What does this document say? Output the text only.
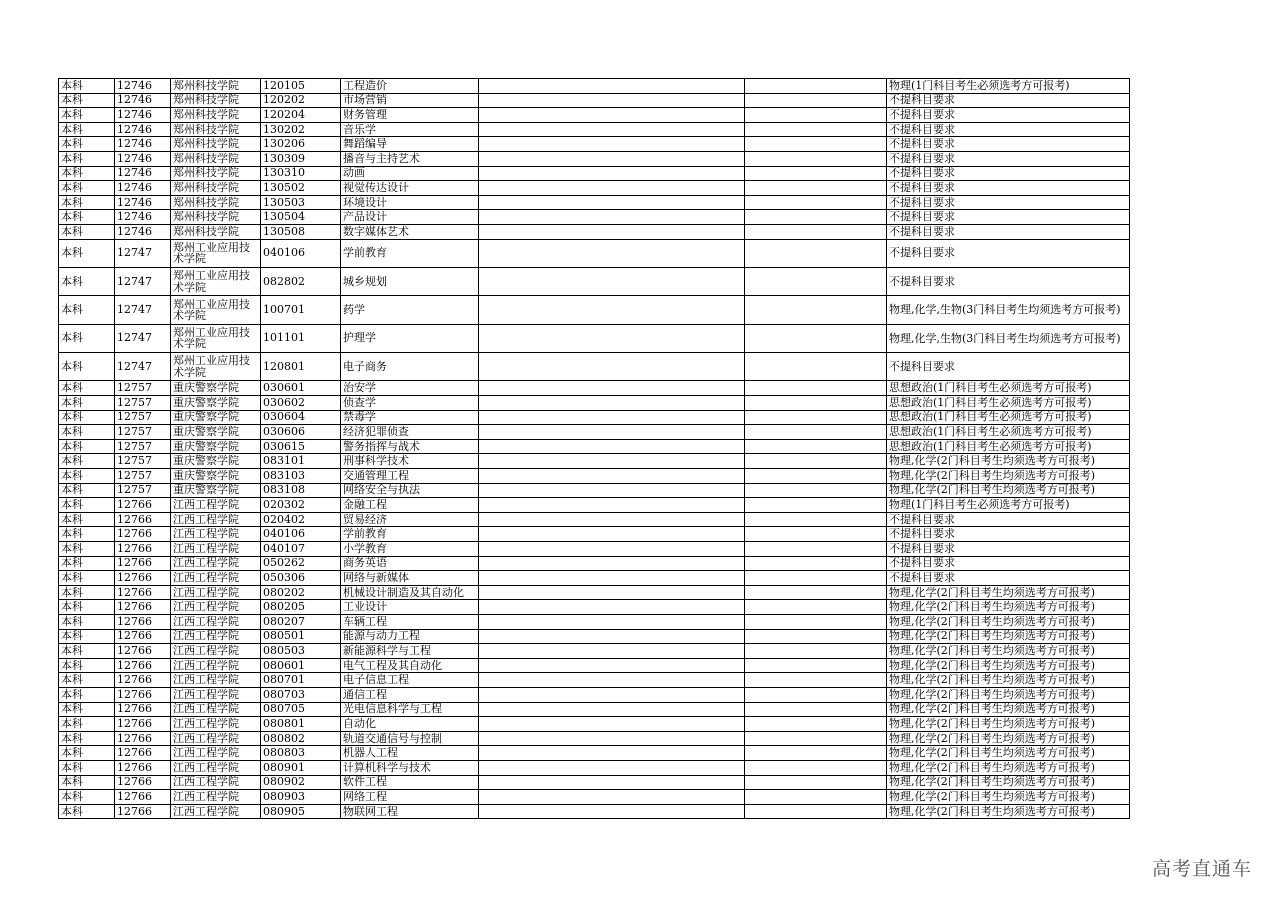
本科	12746	郑州科技学院	120105	工程造价			物理(1门科目考生必须选考方可报考)
本科	12746	郑州科技学院	120202	市场营销			不提科目要求
本科	12746	郑州科技学院	120204	财务管理			不提科目要求
本科	12746	郑州科技学院	130202	音乐学			不提科目要求
本科	12746	郑州科技学院	130206	舞蹈编导			不提科目要求
本科	12746	郑州科技学院	130309	播音与主持艺术			不提科目要求
本科	12746	郑州科技学院	130310	动画			不提科目要求
本科	12746	郑州科技学院	130502	视觉传达设计			不提科目要求
本科	12746	郑州科技学院	130503	环境设计			不提科目要求
本科	12746	郑州科技学院	130504	产品设计			不提科目要求
本科	12746	郑州科技学院	130508	数字媒体艺术			不提科目要求
本科	12747	郑州工业应用技术学院	040106	学前教育			不提科目要求
本科	12747	郑州工业应用技术学院	082802	城乡规划			不提科目要求
本科	12747	郑州工业应用技术学院	100701	药学			物理,化学,生物(3门科目考生均须选考方可报考)
本科	12747	郑州工业应用技术学院	101101	护理学			物理,化学,生物(3门科目考生均须选考方可报考)
本科	12747	郑州工业应用技术学院	120801	电子商务			不提科目要求
本科	12757	重庆警察学院	030601	治安学			思想政治(1门科目考生必须选考方可报考)
本科	12757	重庆警察学院	030602	侦查学			思想政治(1门科目考生必须选考方可报考)
本科	12757	重庆警察学院	030604	禁毒学			思想政治(1门科目考生必须选考方可报考)
本科	12757	重庆警察学院	030606	经济犯罪侦查			思想政治(1门科目考生必须选考方可报考)
本科	12757	重庆警察学院	030615	警务指挥与战术			思想政治(1门科目考生必须选考方可报考)
本科	12757	重庆警察学院	083101	刑事科学技术			物理,化学(2门科目考生均须选考方可报考)
本科	12757	重庆警察学院	083103	交通管理工程			物理,化学(2门科目考生均须选考方可报考)
本科	12757	重庆警察学院	083108	网络安全与执法			物理,化学(2门科目考生均须选考方可报考)
本科	12766	江西工程学院	020302	金融工程			物理(1门科目考生必须选考方可报考)
本科	12766	江西工程学院	020402	贸易经济			不提科目要求
本科	12766	江西工程学院	040106	学前教育			不提科目要求
本科	12766	江西工程学院	040107	小学教育			不提科目要求
本科	12766	江西工程学院	050262	商务英语			不提科目要求
本科	12766	江西工程学院	050306	网络与新媒体			不提科目要求
本科	12766	江西工程学院	080202	机械设计制造及其自动化			物理,化学(2门科目考生均须选考方可报考)
本科	12766	江西工程学院	080205	工业设计			物理,化学(2门科目考生均须选考方可报考)
本科	12766	江西工程学院	080207	车辆工程			物理,化学(2门科目考生均须选考方可报考)
本科	12766	江西工程学院	080501	能源与动力工程			物理,化学(2门科目考生均须选考方可报考)
本科	12766	江西工程学院	080503	新能源科学与工程			物理,化学(2门科目考生均须选考方可报考)
本科	12766	江西工程学院	080601	电气工程及其自动化			物理,化学(2门科目考生均须选考方可报考)
本科	12766	江西工程学院	080701	电子信息工程			物理,化学(2门科目考生均须选考方可报考)
本科	12766	江西工程学院	080703	通信工程			物理,化学(2门科目考生均须选考方可报考)
本科	12766	江西工程学院	080705	光电信息科学与工程			物理,化学(2门科目考生均须选考方可报考)
本科	12766	江西工程学院	080801	自动化			物理,化学(2门科目考生均须选考方可报考)
本科	12766	江西工程学院	080802	轨道交通信号与控制			物理,化学(2门科目考生均须选考方可报考)
本科	12766	江西工程学院	080803	机器人工程			物理,化学(2门科目考生均须选考方可报考)
本科	12766	江西工程学院	080901	计算机科学与技术			物理,化学(2门科目考生均须选考方可报考)
本科	12766	江西工程学院	080902	软件工程			物理,化学(2门科目考生均须选考方可报考)
本科	12766	江西工程学院	080903	网络工程			物理,化学(2门科目考生均须选考方可报考)
本科	12766	江西工程学院	080905	物联网工程			物理,化学(2门科目考生均须选考方可报考)
高考直通车
